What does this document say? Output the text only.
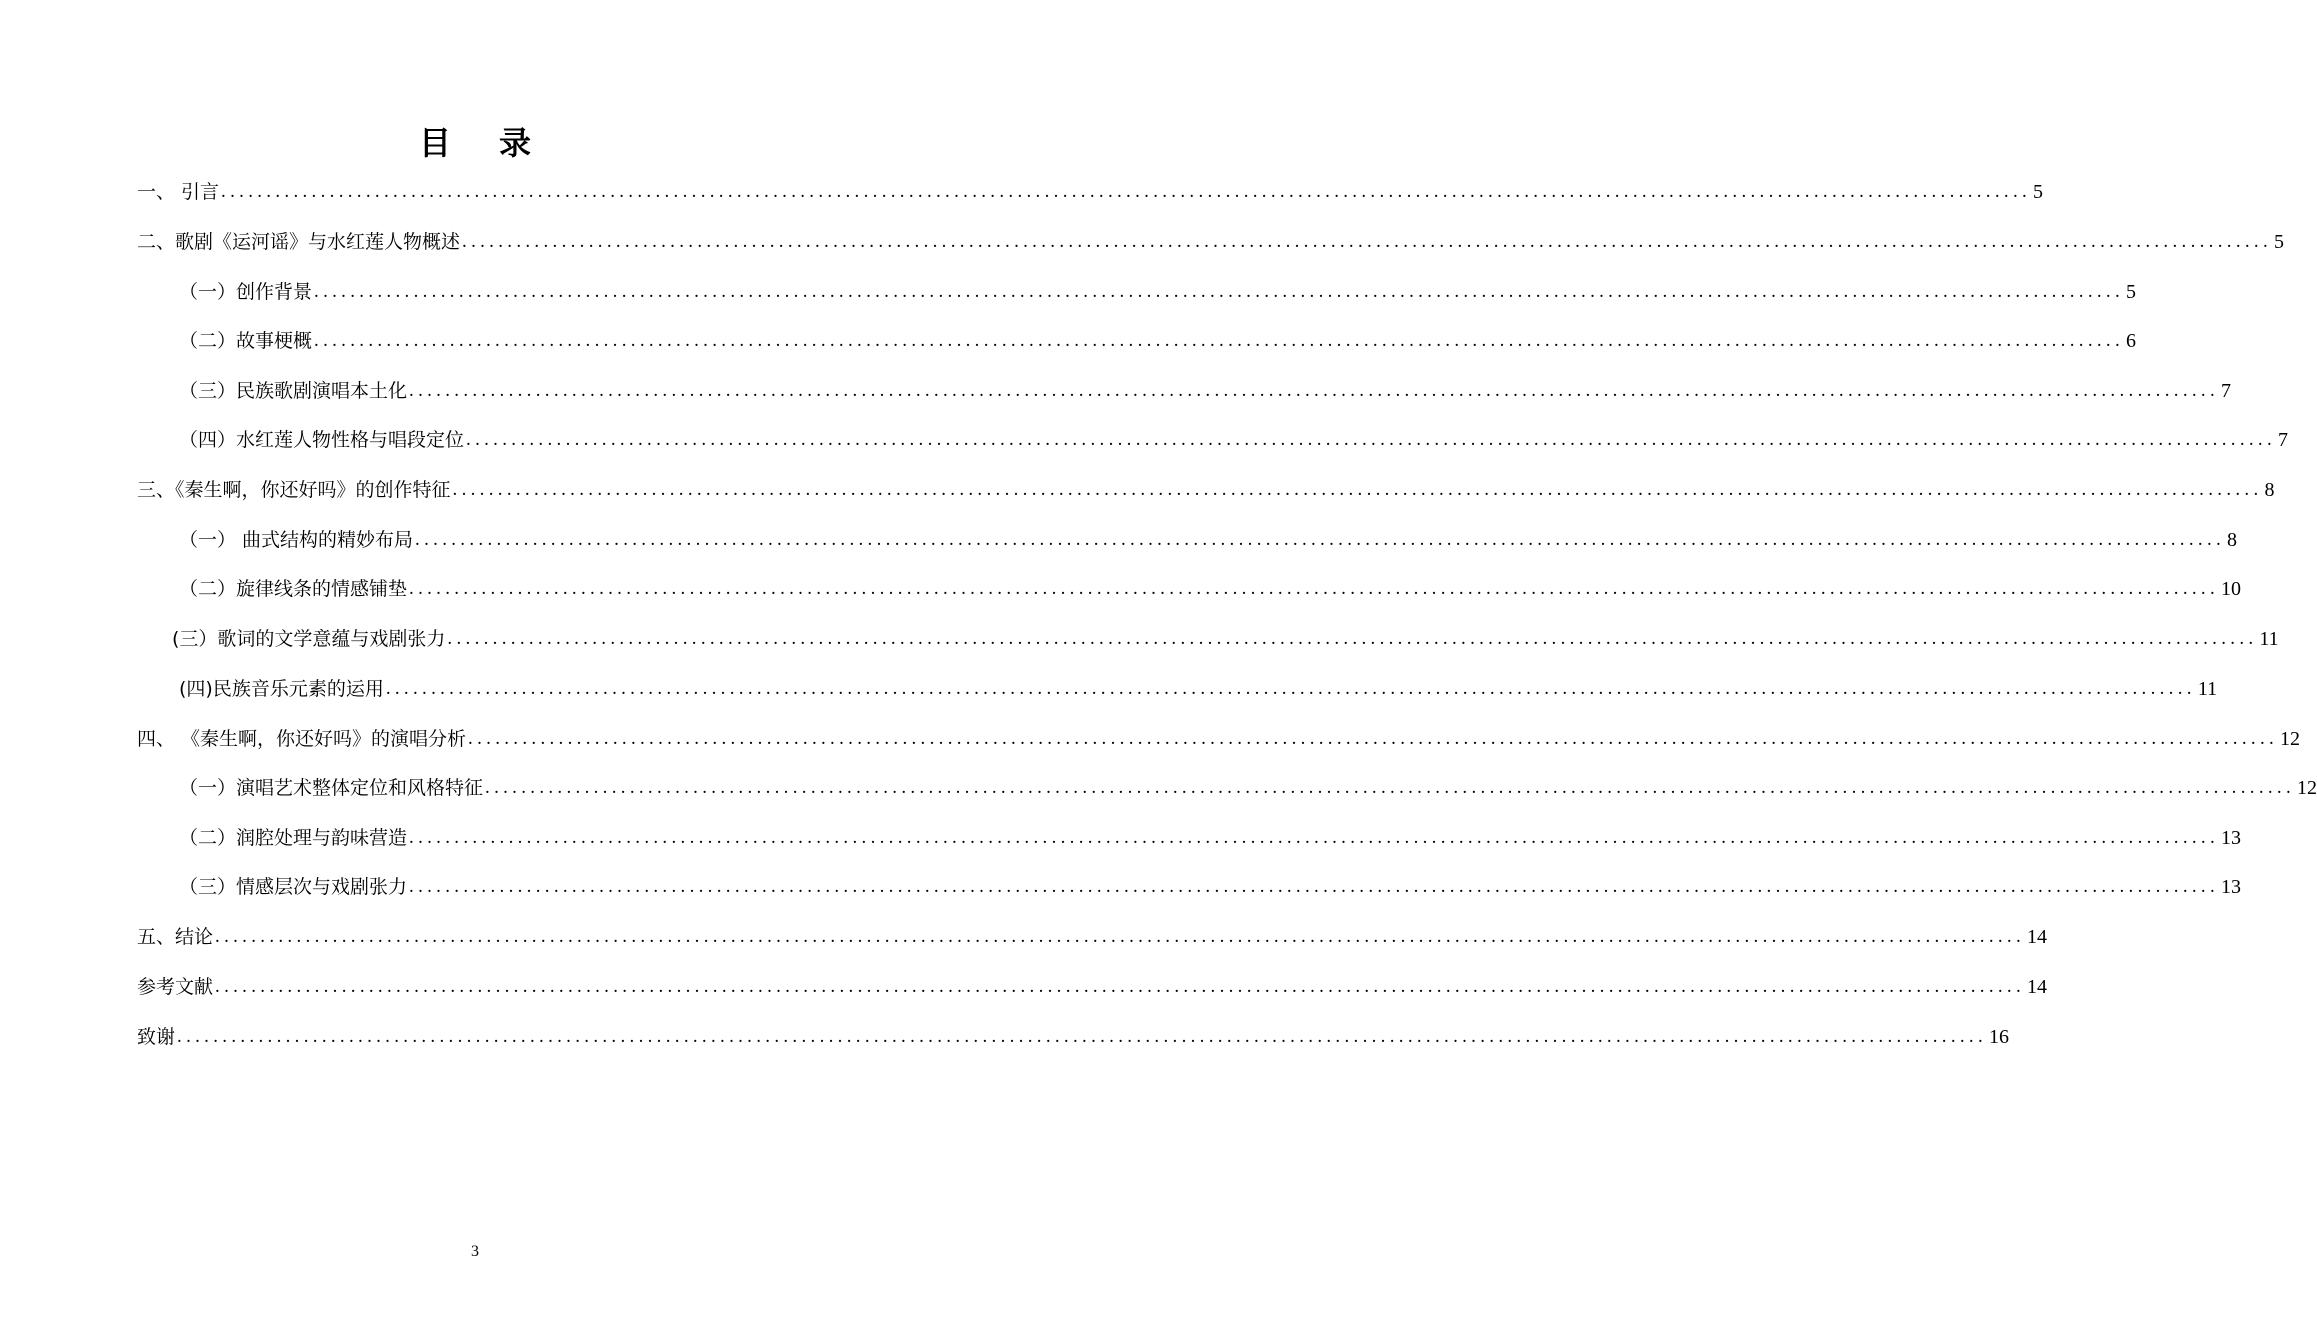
目 录
一、 引言 ........................................................................................................................................................................................................ 5
二、歌剧《运河谣》与水红莲人物概述 ........................................................................................................................................................................................................ 5
（一）创作背景 ........................................................................................................................................................................................................ 5
（二）故事梗概 ........................................................................................................................................................................................................ 6
（三）民族歌剧演唱本土化 ........................................................................................................................................................................................................ 7
（四）水红莲人物性格与唱段定位 ........................................................................................................................................................................................................ 7
三、《秦生啊，你还好吗》的创作特征 ........................................................................................................................................................................................................ 8
（一） 曲式结构的精妙布局 ........................................................................................................................................................................................................ 8
（二）旋律线条的情感铺垫 ........................................................................................................................................................................................................ 10
(三）歌词的文学意蕴与戏剧张力 ........................................................................................................................................................................................................ 11
(四)民族音乐元素的运用 ........................................................................................................................................................................................................ 11
四、 《秦生啊，你还好吗》的演唱分析 ........................................................................................................................................................................................................ 12
（一）演唱艺术整体定位和风格特征 ........................................................................................................................................................................................................ 12
（二）润腔处理与韵味营造 ........................................................................................................................................................................................................ 13
（三）情感层次与戏剧张力 ........................................................................................................................................................................................................ 13
五、结论 ........................................................................................................................................................................................................ 14
参考文献 ........................................................................................................................................................................................................ 14
致谢 ........................................................................................................................................................................................................ 16
3
